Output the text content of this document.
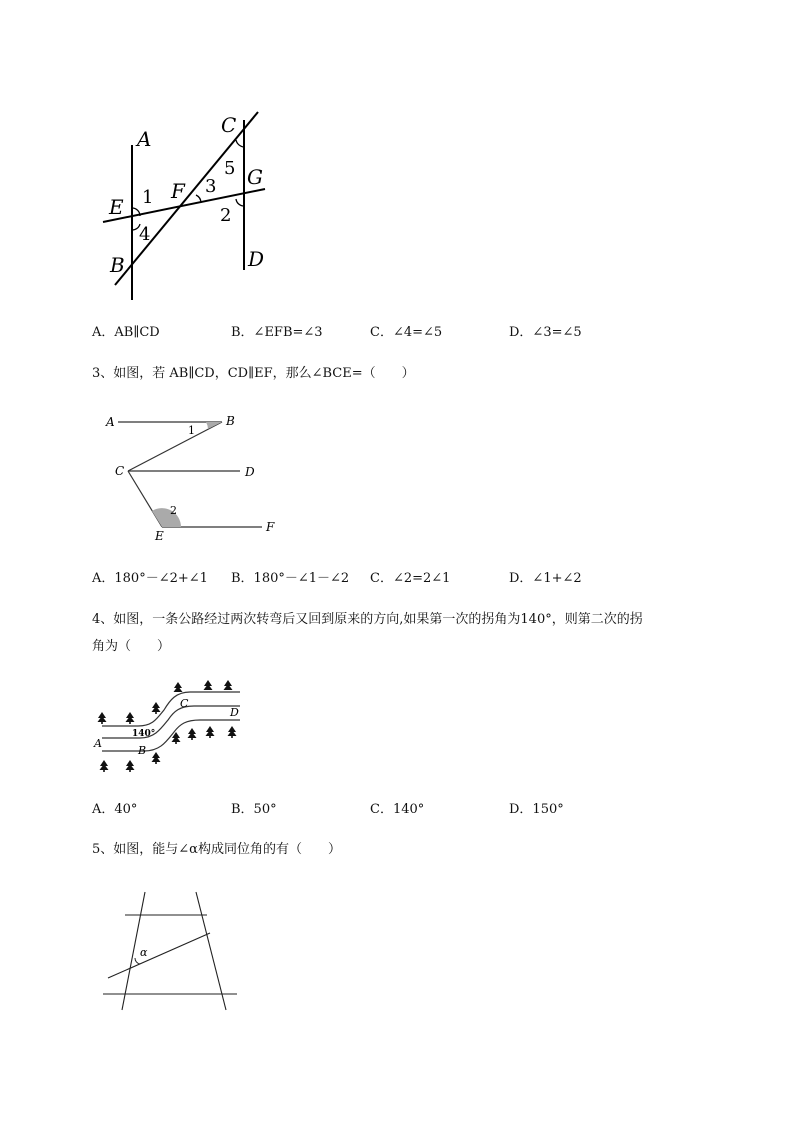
A
C
G
D
E
F
B
1
4
3
5
2
A．AB∥CD	B．∠EFB=∠3	C．∠4=∠5	D．∠3=∠5
3、如图，若 AB∥CD，CD∥EF，那么∠BCE=（　　）
A	B
C	D
E
F
1
2
A．180°－∠2+∠1 B．180°－∠1－∠2 C．∠2=2∠1	D．∠1+∠2
4、如图，一条公路经过两次转弯后又回到原来的方向,如果第一次的拐角为140°，则第二次的拐
角为（　　）
A
B
C
D
140°
A．40°	B．50°	C．140°	D．150°
5、如图，能与∠α构成同位角的有（　　）
α
